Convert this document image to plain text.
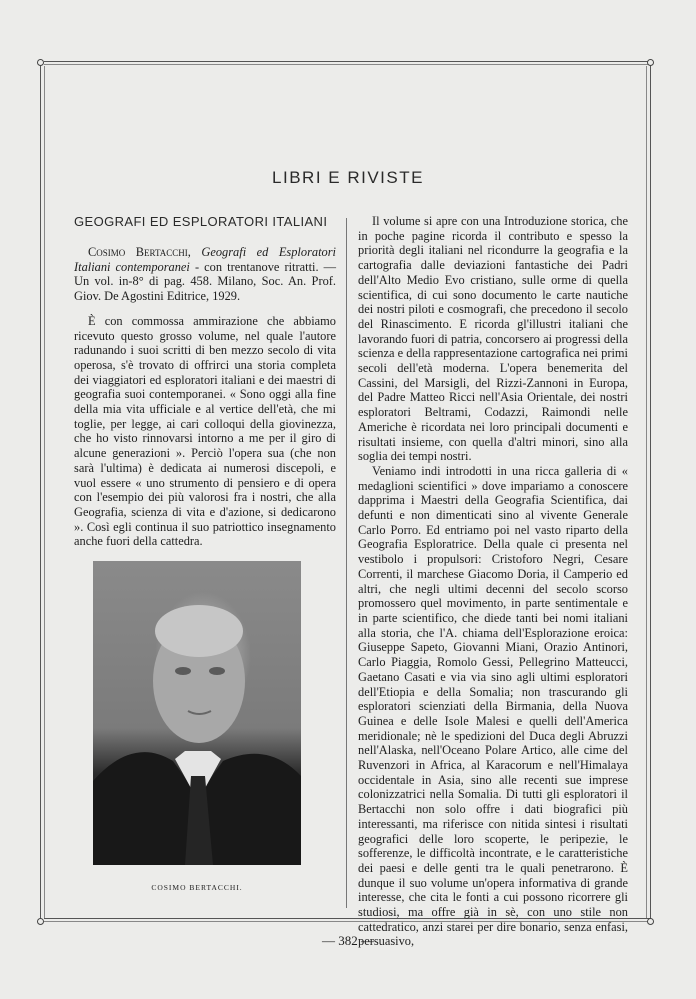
LIBRI E RIVISTE
GEOGRAFI ED ESPLORATORI ITALIANI

Cosimo Bertacchi, Geografi ed Esploratori Italiani contemporanei - con trentanove ritratti. — Un vol. in-8° di pag. 458. Milano, Soc. An. Prof. Giov. De Agostini Editrice, 1929.

È con commossa ammirazione che abbiamo ricevuto questo grosso volume, nel quale l'autore radunando i suoi scritti di ben mezzo secolo di vita operosa, s'è trovato di offrirci una storia completa dei viaggiatori ed esploratori italiani e dei maestri di geografia suoi contemporanei. « Sono oggi alla fine della mia vita ufficiale e al vertice dell'età, che mi toglie, per legge, ai cari colloqui della giovinezza, che ho visto rinnovarsi intorno a me per il giro di alcune generazioni ». Perciò l'opera sua (che non sarà l'ultima) è dedicata ai numerosi discepoli, e vuol essere « uno strumento di pensiero e di opera con l'esempio dei più valorosi fra i nostri, che alla Geografia, scienza di vita e d'azione, si dedicarono ». Così egli continua il suo patriottico insegnamento anche fuori della cattedra.

COSIMO BERTACCHI.

Il volume si apre con una Introduzione storica, che in poche pagine ricorda il contributo e spesso la priorità degli italiani nel ricondurre la geografia e la cartografia dalle deviazioni fantastiche dei Padri dell'Alto Medio Evo cristiano, sulle orme di quella scientifica, di cui sono documento le carte nautiche dei nostri piloti e cosmografi, che precedono il secolo del Rinascimento. E ricorda gl'illustri italiani che lavorando fuori di patria, concorsero ai progressi della scienza e della rappresentazione cartografica nei primi secoli dell'età moderna. L'opera benemerita del Cassini, del Marsigli, del Rizzi-Zannoni in Europa, del Padre Matteo Ricci nell'Asia Orientale, dei nostri esploratori Beltrami, Codazzi, Raimondi nelle Americhe è ricordata nei loro principali documenti e risultati insieme, con quella d'altri minori, sino alla soglia dei tempi nostri.

Veniamo indi introdotti in una ricca galleria di « medaglioni scientifici » dove impariamo a conoscere dapprima i Maestri della Geografia Scientifica, dai defunti e non dimenticati sino al vivente Generale Carlo Porro. Ed entriamo poi nel vasto riparto della Geografia Esploratrice. Della quale ci presenta nel vestibolo i propulsori: Cristoforo Negri, Cesare Correnti, il marchese Giacomo Doria, il Camperio ed altri, che negli ultimi decenni del secolo scorso promossero quel movimento, in parte sentimentale e in parte scientifico, che diede tanti bei nomi italiani alla storia, che l'A. chiama dell'Esplorazione eroica: Giuseppe Sapeto, Giovanni Miani, Orazio Antinori, Carlo Piaggia, Romolo Gessi, Pellegrino Matteucci, Gaetano Casati e via via sino agli ultimi esploratori dell'Etiopia e della Somalia; non trascurando gli esploratori scienziati della Birmania, della Nuova Guinea e delle Isole Malesi e quelli dell'America meridionale; nè le spedizioni del Duca degli Abruzzi nell'Alaska, nell'Oceano Polare Artico, alle cime del Ruvenzori in Africa, al Karacorum e nell'Himalaya occidentale in Asia, sino alle recenti sue imprese colonizzatrici nella Somalia. Di tutti gli esploratori il Bertacchi non solo offre i dati biografici più interessanti, ma riferisce con nitida sintesi i risultati geografici delle loro scoperte, le peripezie, le sofferenze, le difficoltà incontrate, e le caratteristiche dei paesi e delle genti tra le quali penetrarono. È dunque il suo volume un'opera informativa di grande interesse, che cita le fonti a cui possono ricorrere gli studiosi, ma offre già in sè, con uno stile non cattedratico, anzi starei per dire bonario, senza enfasi, persuasivo,

— 382 —
